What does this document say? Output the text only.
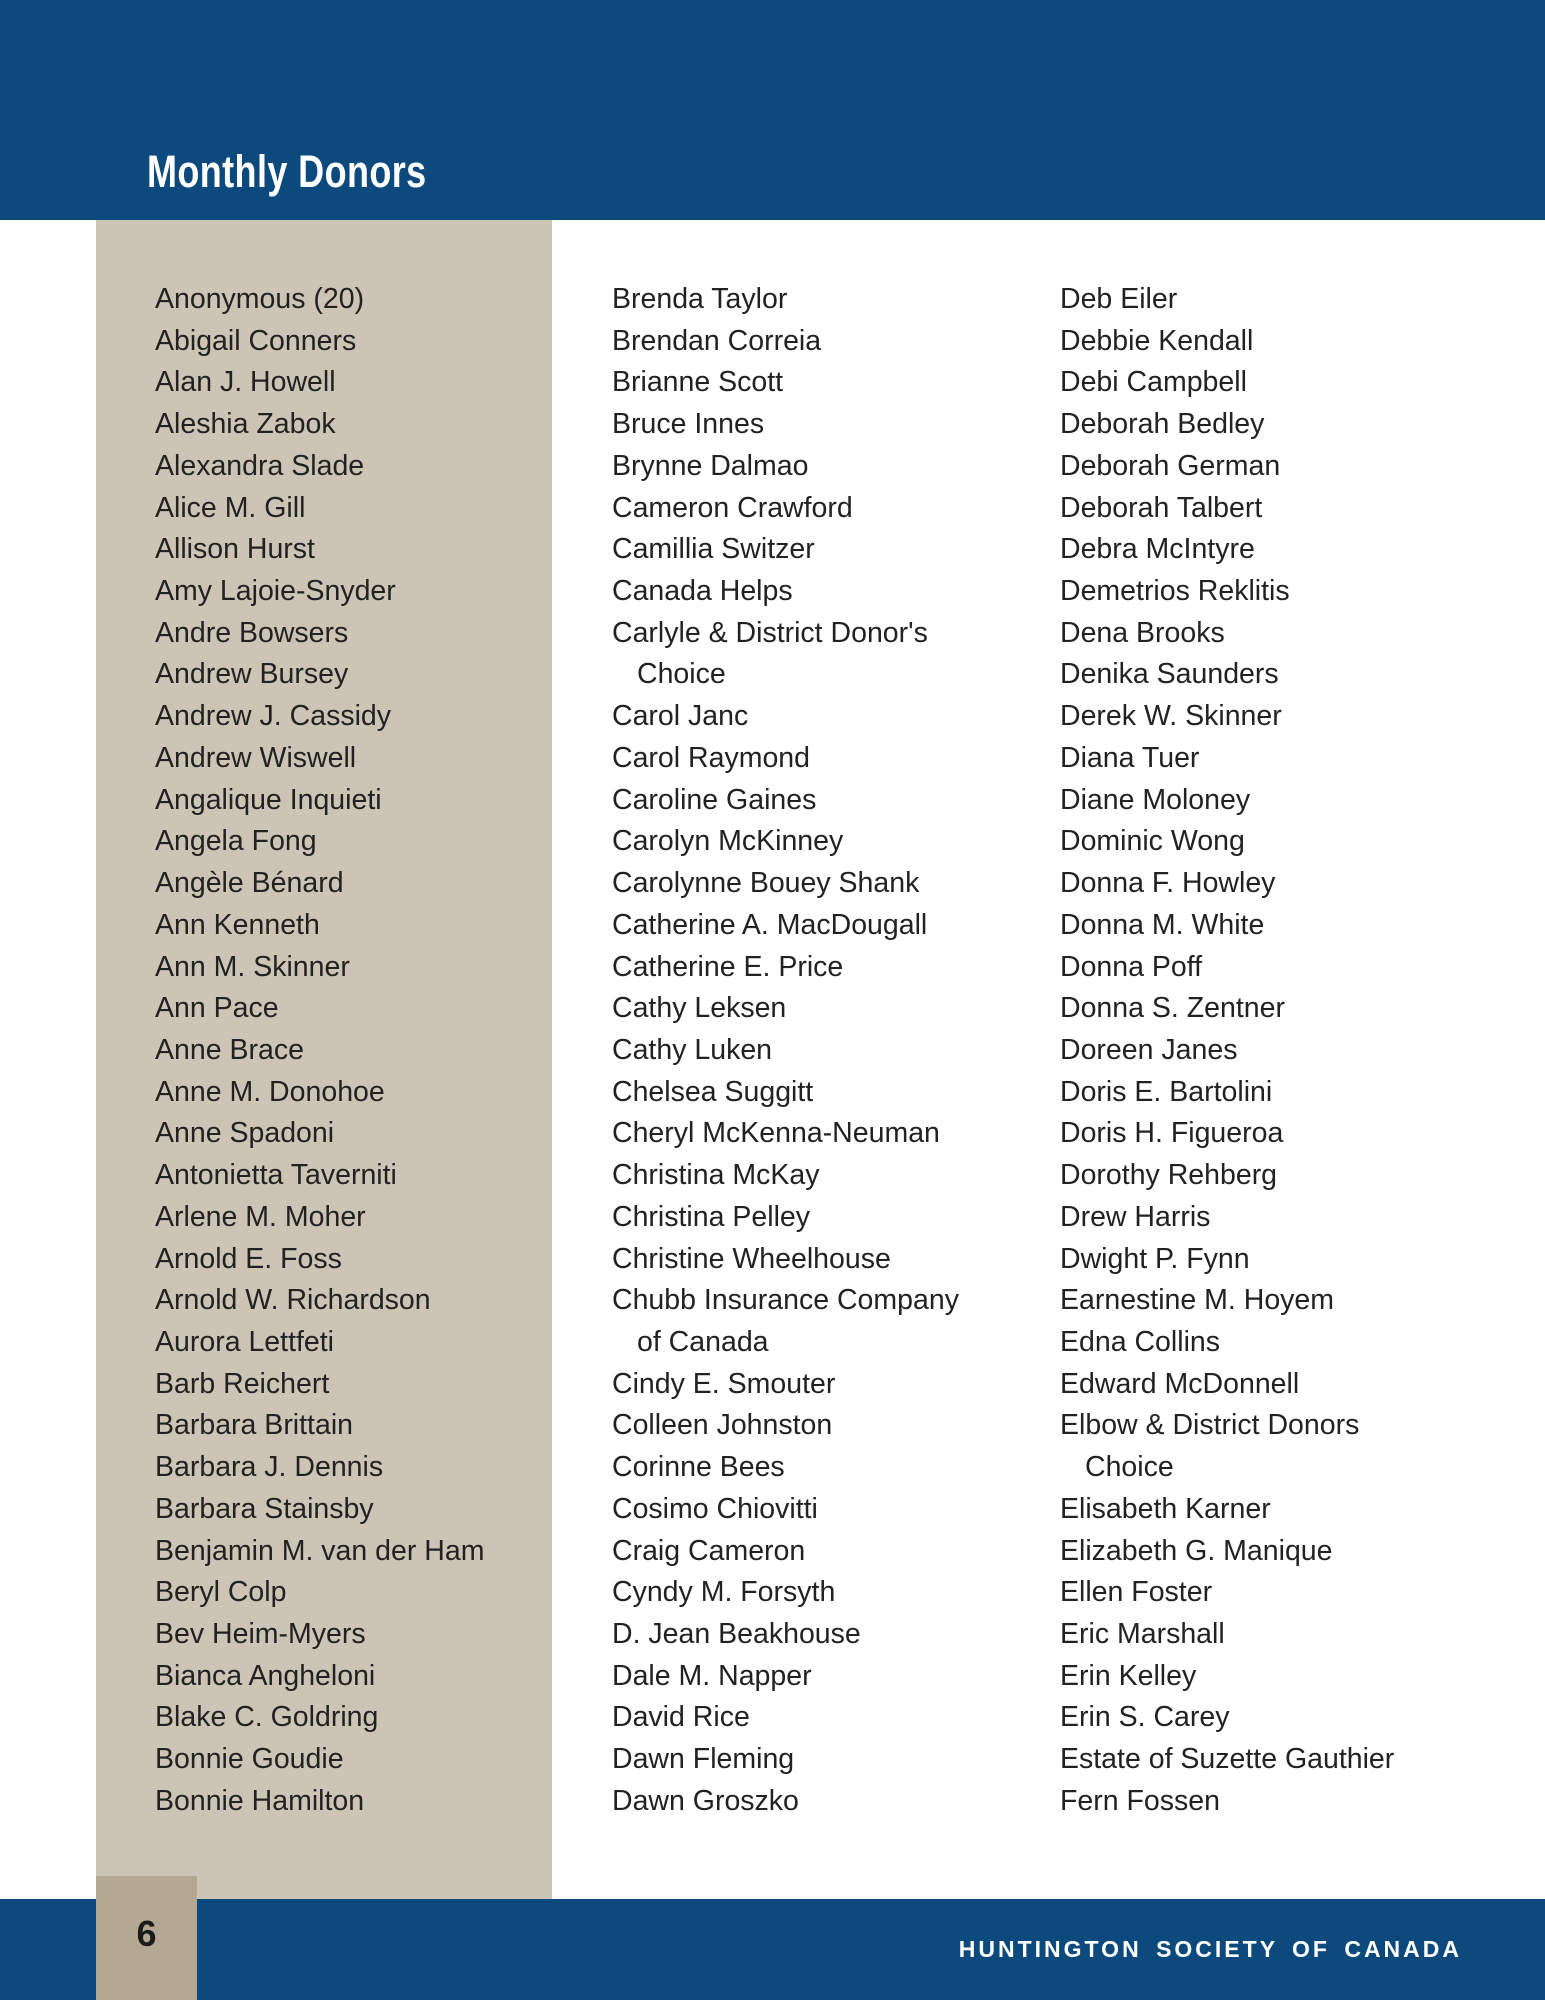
Monthly Donors
Anonymous (20)
Abigail Conners
Alan J. Howell
Aleshia Zabok
Alexandra Slade
Alice M. Gill
Allison Hurst
Amy Lajoie-Snyder
Andre Bowsers
Andrew Bursey
Andrew J. Cassidy
Andrew Wiswell
Angalique Inquieti
Angela Fong
Angèle Bénard
Ann Kenneth
Ann M. Skinner
Ann Pace
Anne Brace
Anne M. Donohoe
Anne Spadoni
Antonietta Taverniti
Arlene M. Moher
Arnold E. Foss
Arnold W. Richardson
Aurora Lettfeti
Barb Reichert
Barbara Brittain
Barbara J. Dennis
Barbara Stainsby
Benjamin M. van der Ham
Beryl Colp
Bev Heim-Myers
Bianca Angheloni
Blake C. Goldring
Bonnie Goudie
Bonnie Hamilton
Brenda Taylor
Brendan Correia
Brianne Scott
Bruce Innes
Brynne Dalmao
Cameron Crawford
Camillia Switzer
Canada Helps
Carlyle & District Donor's
Choice
Carol Janc
Carol Raymond
Caroline Gaines
Carolyn McKinney
Carolynne Bouey Shank
Catherine A. MacDougall
Catherine E. Price
Cathy Leksen
Cathy Luken
Chelsea Suggitt
Cheryl McKenna-Neuman
Christina McKay
Christina Pelley
Christine Wheelhouse
Chubb Insurance Company
of Canada
Cindy E. Smouter
Colleen Johnston
Corinne Bees
Cosimo Chiovitti
Craig Cameron
Cyndy M. Forsyth
D. Jean Beakhouse
Dale M. Napper
David Rice
Dawn Fleming
Dawn Groszko
Deb Eiler
Debbie Kendall
Debi Campbell
Deborah Bedley
Deborah German
Deborah Talbert
Debra McIntyre
Demetrios Reklitis
Dena Brooks
Denika Saunders
Derek W. Skinner
Diana Tuer
Diane Moloney
Dominic Wong
Donna F. Howley
Donna M. White
Donna Poff
Donna S. Zentner
Doreen Janes
Doris E. Bartolini
Doris H. Figueroa
Dorothy Rehberg
Drew Harris
Dwight P. Fynn
Earnestine M. Hoyem
Edna Collins
Edward McDonnell
Elbow & District Donors
Choice
Elisabeth Karner
Elizabeth G. Manique
Ellen Foster
Eric Marshall
Erin Kelley
Erin S. Carey
Estate of Suzette Gauthier
Fern Fossen
HUNTINGTON SOCIETY OF CANADA
6
